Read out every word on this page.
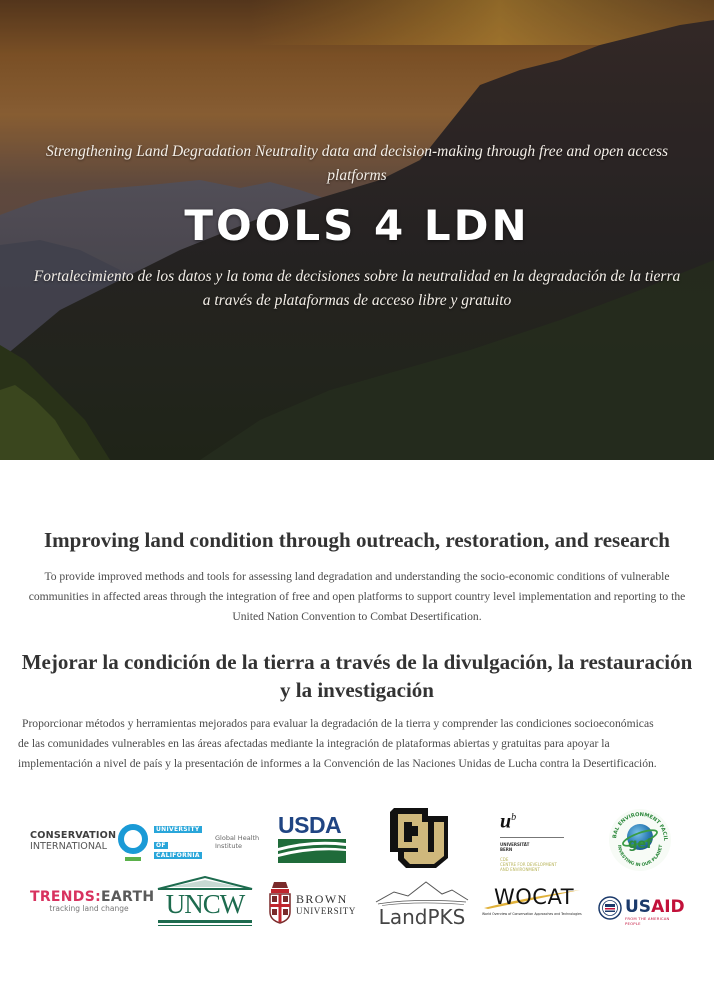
Strengthening Land Degradation Neutrality data and decision-making through free and open access platforms
TOOLS 4 LDN
Fortalecimiento de los datos y la toma de decisiones sobre la neutralidad en la degradación de la tierra a través de plataformas de acceso libre y gratuito
Improving land condition through outreach, restoration, and research

To provide improved methods and tools for assessing land degradation and understanding the socio-economic conditions of vulnerable communities in affected areas through the integration of free and open platforms to support country level implementation and reporting to the United Nation Convention to Combat Desertification.

Mejorar la condición de la tierra a través de la divulgación, la restauración y la investigación

Proporcionar métodos y herramientas mejorados para evaluar la degradación de la tierra y comprender las condiciones socioeconómicas
de las comunidades vulnerables en las áreas afectadas mediante la integración de plataformas abiertas y gratuitas para apoyar la
implementación a nivel de país y la presentación de informes a la Convención de las Naciones Unidas de Lucha contra la Desertificación.

CONSERVATION
INTERNATIONAL
UNIVERSITY
OF
CALIFORNIA
Global Health
Institute
USDA	$u^b$
UNIVERSITÄT
BERN
CDE
CENTRE FOR DEVELOPMENT
AND ENVIRONMENT
BAL ENVIRONMENT FACIL
INVESTING IN OUR PLANET
gef
TRENDS:EARTH
tracking land change	UNCW	BROWN
UNIVERSITY LandPKS
WOCAT
World Overview of Conservation Approaches and Technologies	USAID
FROM THE AMERICAN PEOPLE
